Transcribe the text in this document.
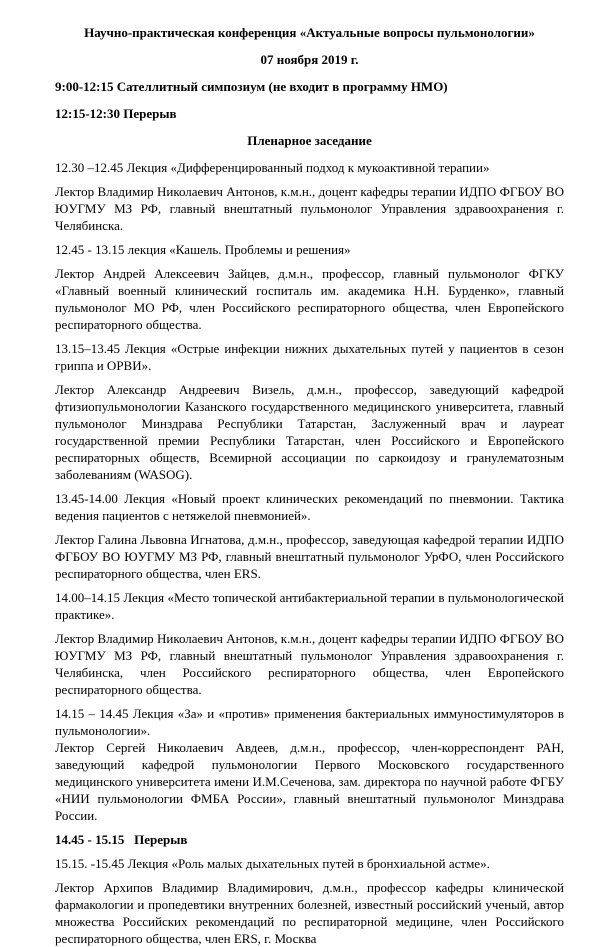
Научно-практическая конференция «Актуальные вопросы пульмонологии»

07 ноября 2019 г.

9:00-12:15 Сателлитный симпозиум (не входит в программу НМО)

12:15-12:30 Перерыв

Пленарное заседание

12.30 –12.45 Лекция «Дифференцированный подход к мукоактивной терапии»

Лектор Владимир Николаевич Антонов, к.м.н., доцент кафедры терапии ИДПО ФГБОУ ВО ЮУГМУ МЗ РФ, главный внештатный пульмонолог Управления здравоохранения г. Челябинска.

12.45 - 13.15 лекция «Кашель. Проблемы и решения»

Лектор Андрей Алексеевич Зайцев, д.м.н., профессор, главный пульмонолог ФГКУ «Главный военный клинический госпиталь им. академика Н.Н. Бурденко», главный пульмонолог МО РФ, член Российского респираторного общества, член Европейского респираторного общества.

13.15–13.45 Лекция «Острые инфекции нижних дыхательных путей у пациентов в сезон гриппа и ОРВИ».

Лектор Александр Андреевич Визель, д.м.н., профессор, заведующий кафедрой фтизиопульмонологии Казанского государственного медицинского университета, главный пульмонолог Минздрава Республики Татарстан, Заслуженный врач и лауреат государственной премии Республики Татарстан, член Российского и Европейского респираторных обществ, Всемирной ассоциации по саркоидозу и гранулематозным заболеваниям (WASOG).

13.45-14.00 Лекция «Новый проект клинических рекомендаций по пневмонии. Тактика ведения пациентов с нетяжелой пневмонией».

Лектор Галина Львовна Игнатова, д.м.н., профессор, заведующая кафедрой терапии ИДПО ФГБОУ ВО ЮУГМУ МЗ РФ, главный внештатный пульмонолог УрФО, член Российского респираторного общества, член ERS.

14.00–14.15 Лекция «Место топической антибактериальной терапии в пульмонологической практике».

Лектор Владимир Николаевич Антонов, к.м.н., доцент кафедры терапии ИДПО ФГБОУ ВО ЮУГМУ МЗ РФ, главный внештатный пульмонолог Управления здравоохранения г. Челябинска, член Российского респираторного общества, член Европейского респираторного общества.

14.15 – 14.45 Лекция «За» и «против» применения бактериальных иммуностимуляторов в пульмонологии».

Лектор Сергей Николаевич Авдеев, д.м.н., профессор, член-корреспондент РАН, заведующий кафедрой пульмонологии Первого Московского государственного медицинского университета имени И.М.Сеченова, зам. директора по научной работе ФГБУ «НИИ пульмонологии ФМБА России», главный внештатный пульмонолог Минздрава России.

14.45 - 15.15   Перерыв

15.15. -15.45 Лекция «Роль малых дыхательных путей в бронхиальной астме».

Лектор Архипов Владимир Владимирович, д.м.н., профессор кафедры клинической фармакологии и пропедевтики внутренних болезней, известный российский ученый, автор множества Российских рекомендаций по респираторной медицине, член Российского респираторного общества, член ERS, г. Москва
